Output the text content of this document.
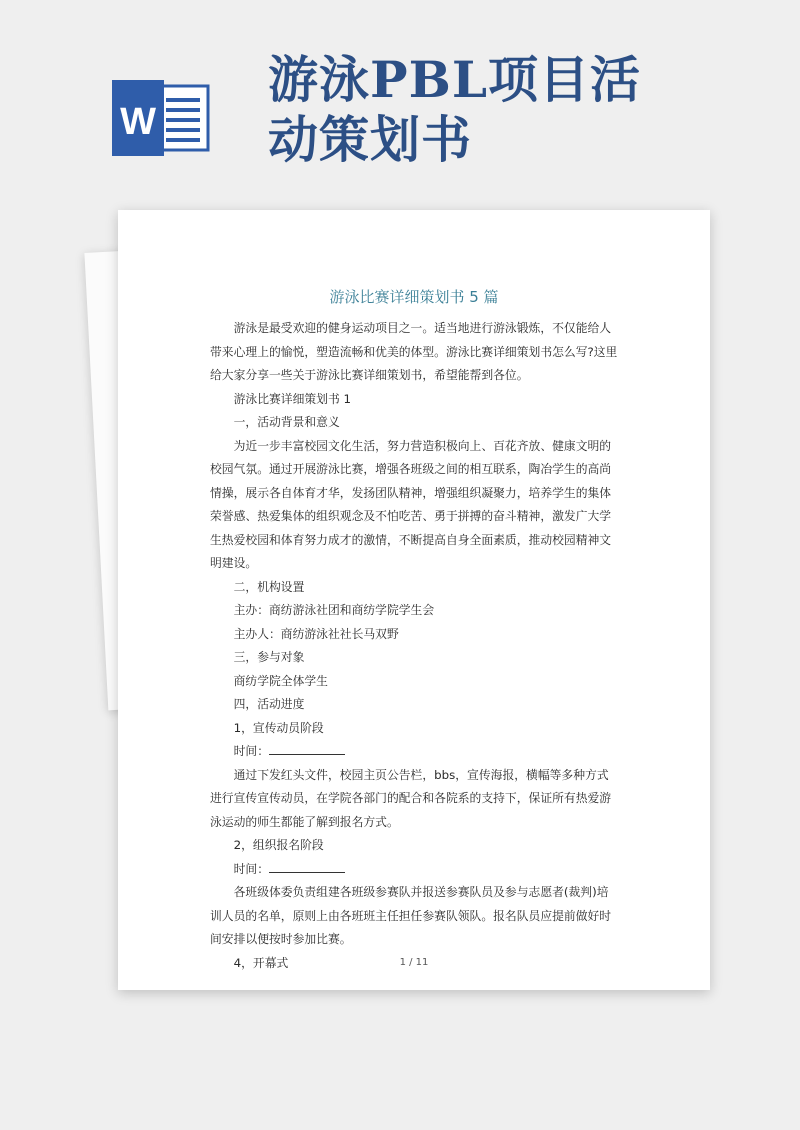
W
游泳PBL项目活
动策划书
游泳比赛详细策划书 5 篇

游泳是最受欢迎的健身运动项目之一。适当地进行游泳锻炼，不仅能给人带来心理上的愉悦，塑造流畅和优美的体型。游泳比赛详细策划书怎么写?这里给大家分享一些关于游泳比赛详细策划书，希望能帮到各位。

游泳比赛详细策划书 1

一，活动背景和意义

为近一步丰富校园文化生活，努力营造积极向上、百花齐放、健康文明的校园气氛。通过开展游泳比赛，增强各班级之间的相互联系，陶冶学生的高尚情操，展示各自体育才华，发扬团队精神，增强组织凝聚力，培养学生的集体荣誉感、热爱集体的组织观念及不怕吃苦、勇于拼搏的奋斗精神，激发广大学生热爱校园和体育努力成才的激情，不断提高自身全面素质，推动校园精神文明建设。

二，机构设置

主办：商纺游泳社团和商纺学院学生会

主办人：商纺游泳社社长马双野

三，参与对象

商纺学院全体学生

四，活动进度

1，宣传动员阶段

时间：

通过下发红头文件，校园主页公告栏，bbs，宣传海报，横幅等多种方式进行宣传宣传动员，在学院各部门的配合和各院系的支持下，保证所有热爱游泳运动的师生都能了解到报名方式。

2，组织报名阶段

时间：

各班级体委负责组建各班级参赛队并报送参赛队员及参与志愿者(裁判)培训人员的名单，原则上由各班班主任担任参赛队领队。报名队员应提前做好时间安排以便按时参加比赛。

4，开幕式	1 / 11
